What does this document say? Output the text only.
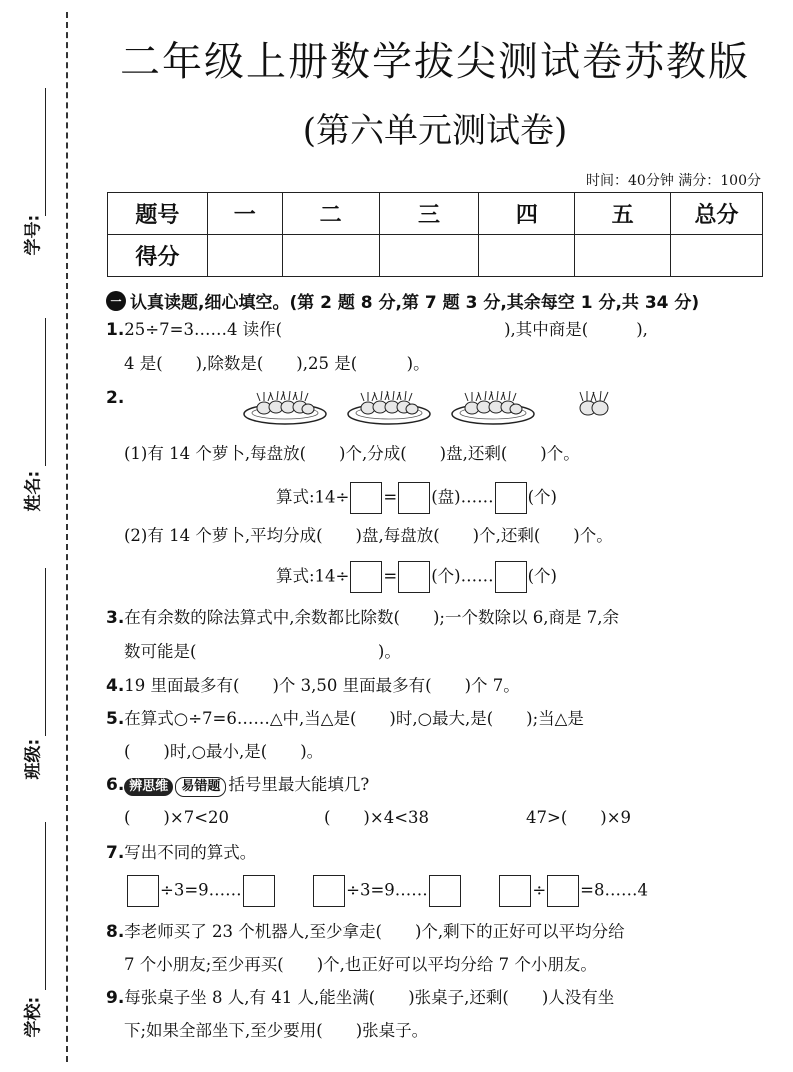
学号:
姓名:
班级:
学校:
二年级上册数学拔尖测试卷苏教版
(第六单元测试卷)
时间：40分钟 满分：100分
题号	一	二	三	四	五	总分
得分						
一 认真读题,细心填空。(第 2 题 8 分,第 7 题 3 分,其余每空 1 分,共 34 分)
1.25÷7=3……4 读作(	),其中商是(	),
4 是(　　),除数是(　　),25 是(　　　)。
2.
(1)有 14 个萝卜,每盘放(　　)个,分成(　　)盘,还剩(　　)个。
算式:14÷ = (盘)…… (个)
(2)有 14 个萝卜,平均分成(　　)盘,每盘放(　　)个,还剩(　　)个。
算式:14÷ = (个)…… (个)
3.在有余数的除法算式中,余数都比除数(　　);一个数除以 6,商是 7,余
数可能是(　　　　　　　　　　　)。
4.19 里面最多有(　　)个 3,50 里面最多有(　　)个 7。
5.在算式○÷7=6……△中,当△是(　　)时,○最大,是(　　);当△是
(　　)时,○最小,是(　　)。
6. 辨思维 易错题 括号里最大能填几?
(　　)×7<20	(　　)×4<38	47>(　　)×9
7.写出不同的算式。
÷3=9……	÷3=9……	÷ =8……4
8.李老师买了 23 个机器人,至少拿走(　　)个,剩下的正好可以平均分给
7 个小朋友;至少再买(　　)个,也正好可以平均分给 7 个小朋友。
9.每张桌子坐 8 人,有 41 人,能坐满(　　)张桌子,还剩(　　)人没有坐
下;如果全部坐下,至少要用(　　)张桌子。
